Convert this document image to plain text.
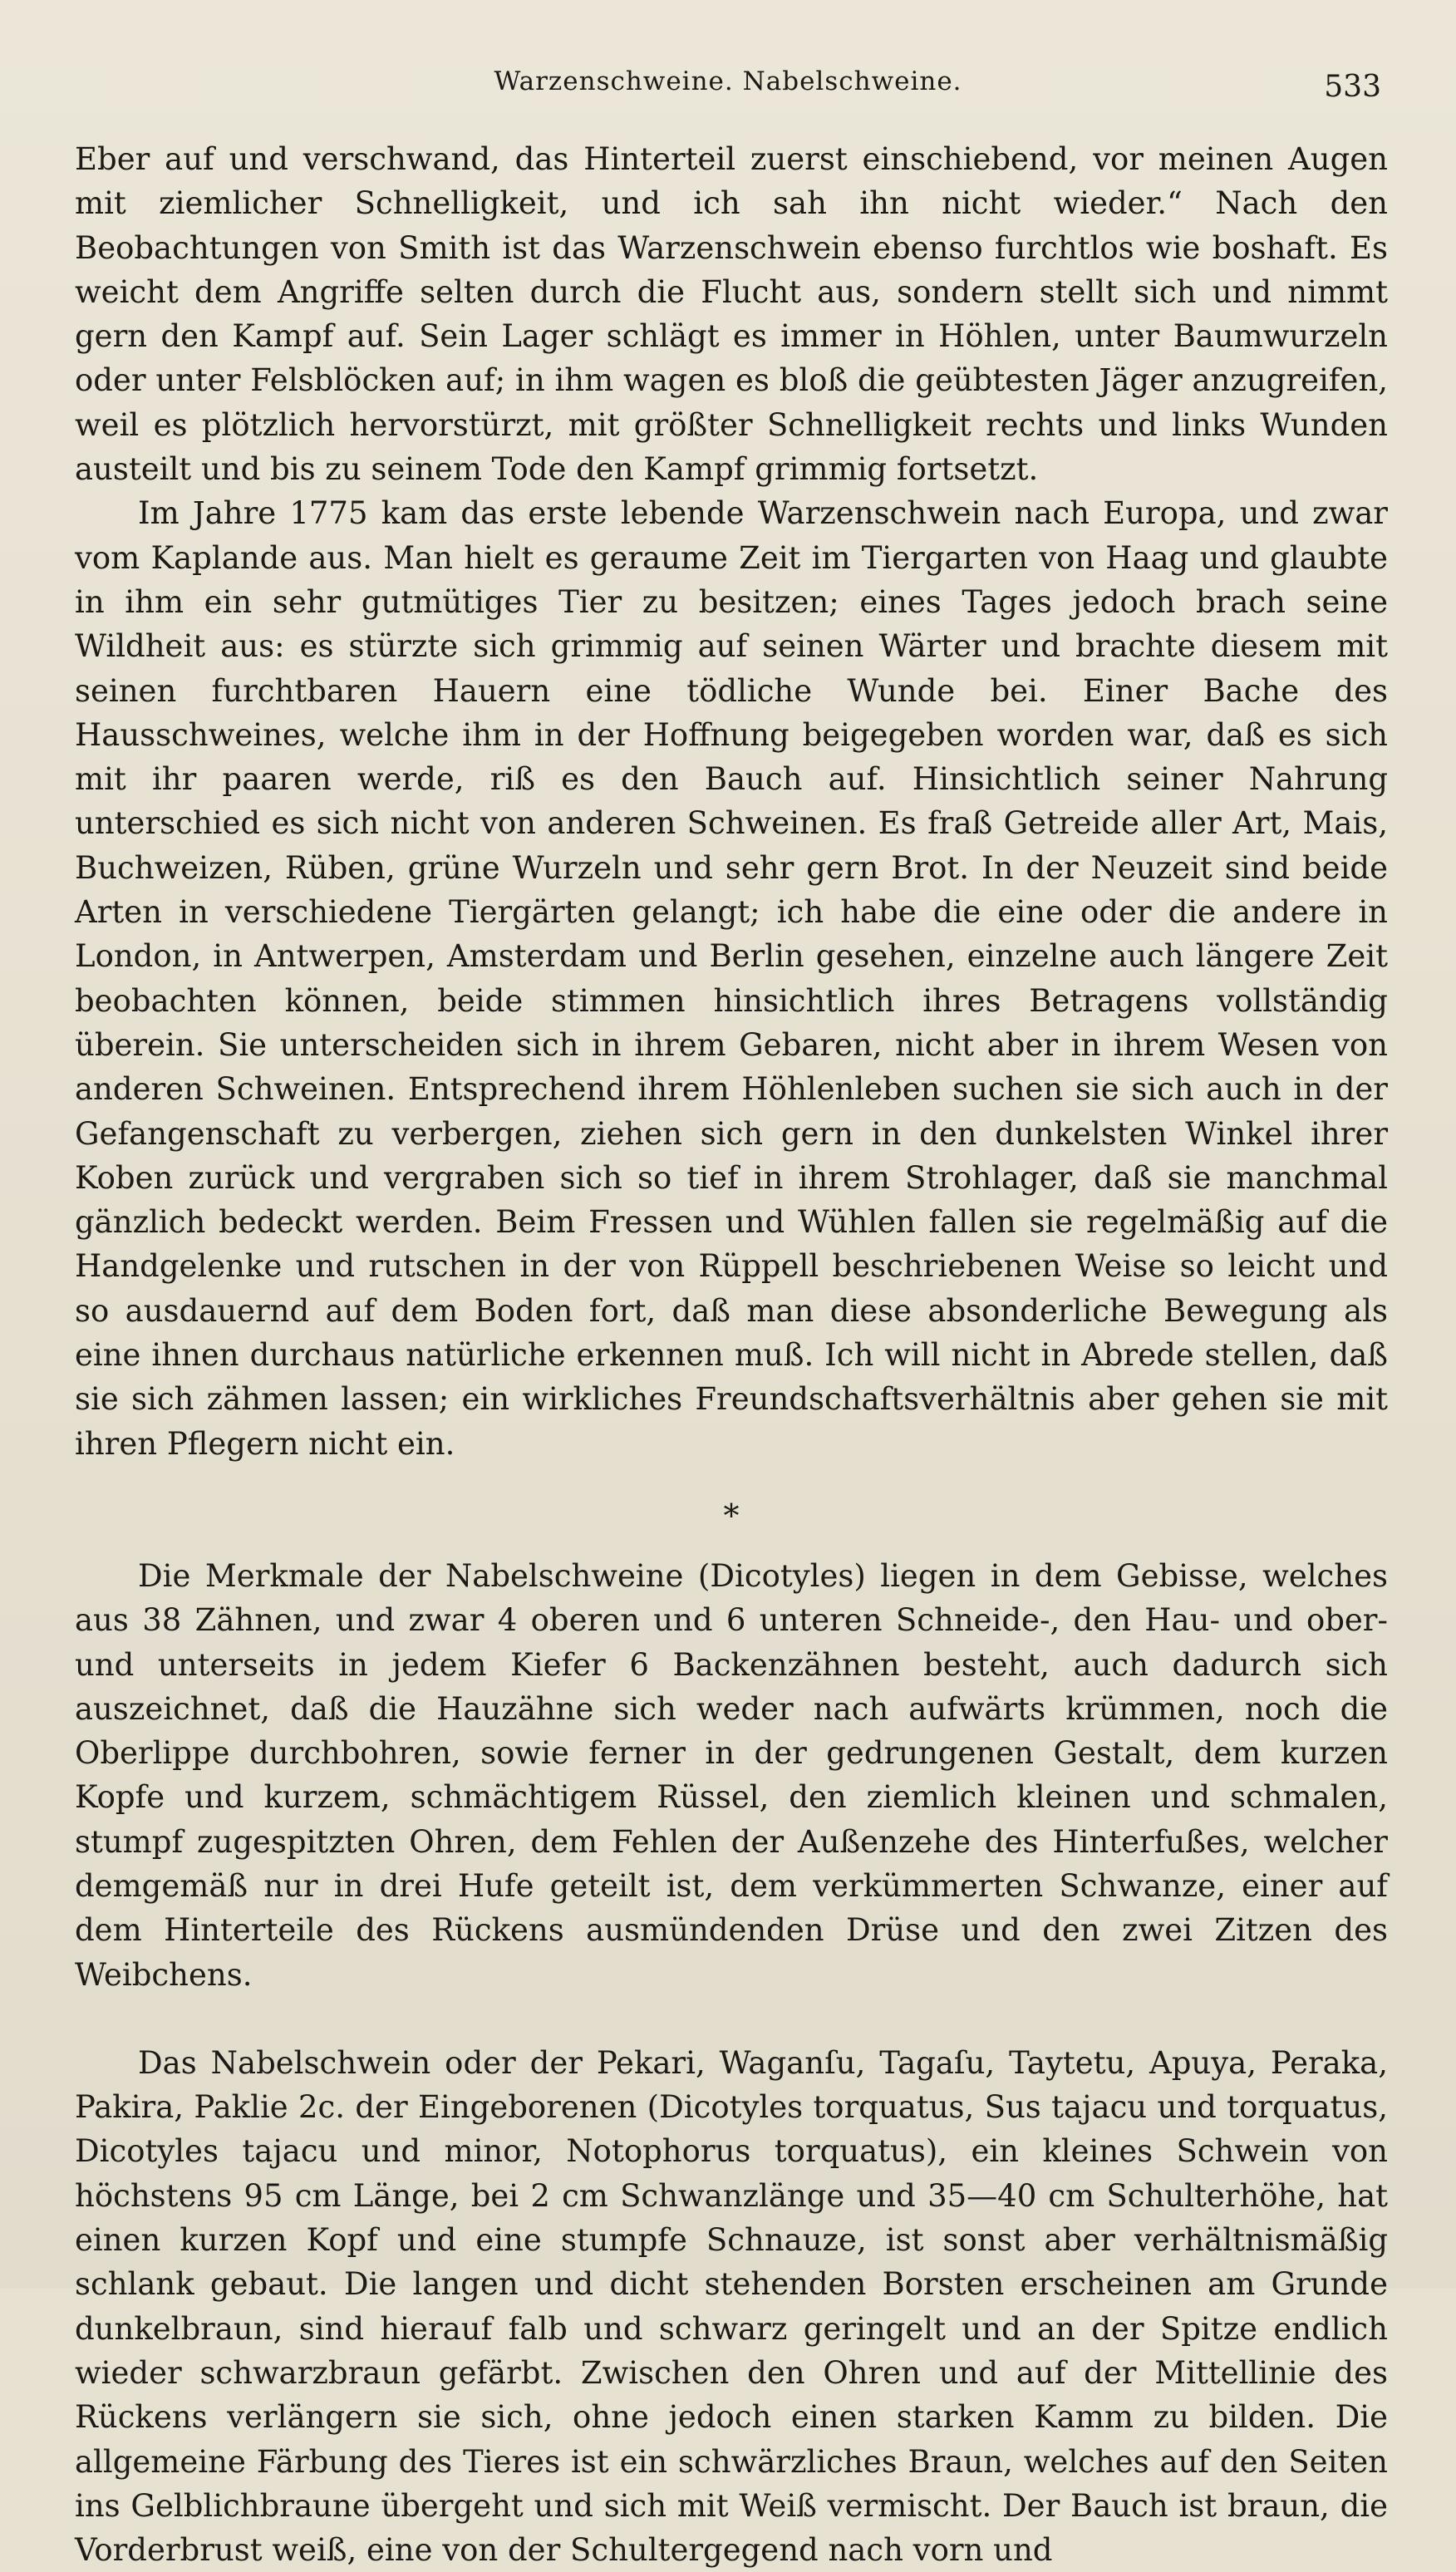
Warzenschweine. Nabelschweine.	533

Eber auf und verschwand, das Hinterteil zuerst einschiebend, vor meinen Augen mit ziemlicher Schnelligkeit, und ich sah ihn nicht wieder.“ Nach den Beobachtungen von Smith ist das Warzenschwein ebenso furchtlos wie boshaft. Es weicht dem Angriffe selten durch die Flucht aus, sondern stellt sich und nimmt gern den Kampf auf. Sein Lager schlägt es immer in Höhlen, unter Baumwurzeln oder unter Felsblöcken auf; in ihm wagen es bloß die geübtesten Jäger anzugreifen, weil es plötzlich hervorstürzt, mit größter Schnelligkeit rechts und links Wunden austeilt und bis zu seinem Tode den Kampf grimmig fortsetzt.

Im Jahre 1775 kam das erste lebende Warzenschwein nach Europa, und zwar vom Kaplande aus. Man hielt es geraume Zeit im Tiergarten von Haag und glaubte in ihm ein sehr gutmütiges Tier zu besitzen; eines Tages jedoch brach seine Wildheit aus: es stürzte sich grimmig auf seinen Wärter und brachte diesem mit seinen furchtbaren Hauern eine tödliche Wunde bei. Einer Bache des Hausschweines, welche ihm in der Hoffnung beigegeben worden war, daß es sich mit ihr paaren werde, riß es den Bauch auf. Hinsichtlich seiner Nahrung unterschied es sich nicht von anderen Schweinen. Es fraß Getreide aller Art, Mais, Buchweizen, Rüben, grüne Wurzeln und sehr gern Brot. In der Neuzeit sind beide Arten in verschiedene Tiergärten gelangt; ich habe die eine oder die andere in London, in Antwerpen, Amsterdam und Berlin gesehen, einzelne auch längere Zeit beobachten können, beide stimmen hinsichtlich ihres Betragens vollständig überein. Sie unterscheiden sich in ihrem Gebaren, nicht aber in ihrem Wesen von anderen Schweinen. Entsprechend ihrem Höhlenleben suchen sie sich auch in der Gefangenschaft zu verbergen, ziehen sich gern in den dunkelsten Winkel ihrer Koben zurück und vergraben sich so tief in ihrem Strohlager, daß sie manchmal gänzlich bedeckt werden. Beim Fressen und Wühlen fallen sie regelmäßig auf die Handgelenke und rutschen in der von Rüppell beschriebenen Weise so leicht und so ausdauernd auf dem Boden fort, daß man diese absonderliche Bewegung als eine ihnen durchaus natürliche erkennen muß. Ich will nicht in Abrede stellen, daß sie sich zähmen lassen; ein wirkliches Freundschaftsverhältnis aber gehen sie mit ihren Pflegern nicht ein.

*

Die Merkmale der Nabelschweine (Dicotyles) liegen in dem Gebisse, welches aus 38 Zähnen, und zwar 4 oberen und 6 unteren Schneide-, den Hau- und ober- und unterseits in jedem Kiefer 6 Backenzähnen besteht, auch dadurch sich auszeichnet, daß die Hauzähne sich weder nach aufwärts krümmen, noch die Oberlippe durchbohren, sowie ferner in der gedrungenen Gestalt, dem kurzen Kopfe und kurzem, schmächtigem Rüssel, den ziemlich kleinen und schmalen, stumpf zugespitzten Ohren, dem Fehlen der Außenzehe des Hinterfußes, welcher demgemäß nur in drei Hufe geteilt ist, dem verkümmerten Schwanze, einer auf dem Hinterteile des Rückens ausmündenden Drüse und den zwei Zitzen des Weibchens.

Das Nabelschwein oder der Pekari, Waganſu, Tagaſu, Taytetu, Apuya, Peraka, Pakira, Paklie 2c. der Eingeborenen (Dicotyles torquatus, Sus tajacu und torquatus, Dicotyles tajacu und minor, Notophorus torquatus), ein kleines Schwein von höchstens 95 cm Länge, bei 2 cm Schwanzlänge und 35—40 cm Schulterhöhe, hat einen kurzen Kopf und eine stumpfe Schnauze, ist sonst aber verhältnismäßig schlank gebaut. Die langen und dicht stehenden Borsten erscheinen am Grunde dunkelbraun, sind hierauf falb und schwarz geringelt und an der Spitze endlich wieder schwarzbraun gefärbt. Zwischen den Ohren und auf der Mittellinie des Rückens verlängern sie sich, ohne jedoch einen starken Kamm zu bilden. Die allgemeine Färbung des Tieres ist ein schwärzliches Braun, welches auf den Seiten ins Gelblichbraune übergeht und sich mit Weiß vermischt. Der Bauch ist braun, die Vorderbrust weiß, eine von der Schultergegend nach vorn und
